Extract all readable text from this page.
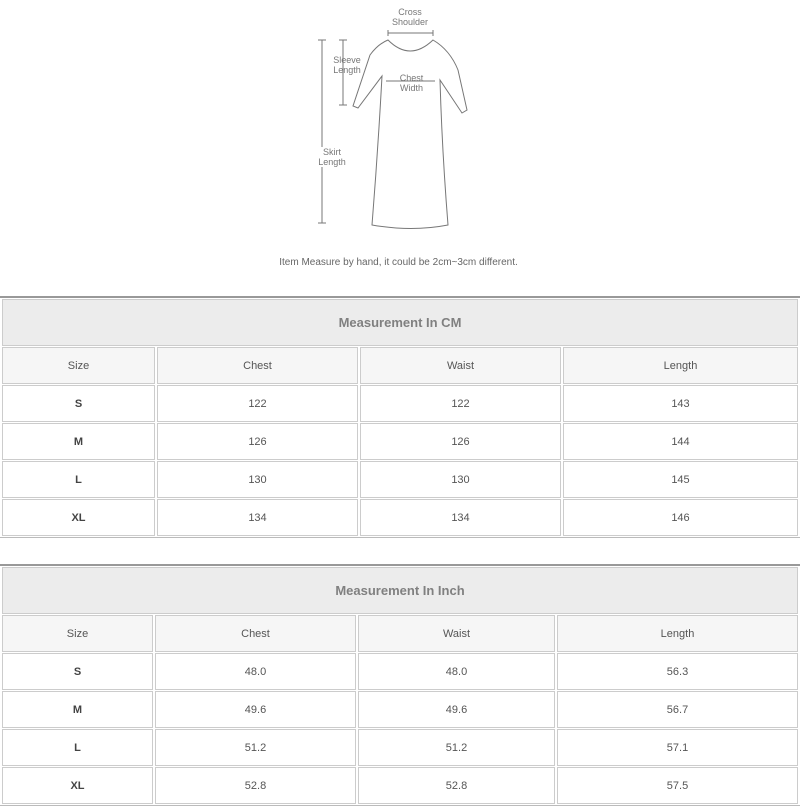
Cross Shoulder
Sleeve Length
Chest Width
Skirt Length
Item Measure by hand, it could be 2cm~3cm different.
Measurement In CM			
Size	Chest	Waist	Length
S	122	122	143
M	126	126	144
L	130	130	145
XL	134	134	146
Measurement In Inch			
Size	Chest	Waist	Length
S	48.0	48.0	56.3
M	49.6	49.6	56.7
L	51.2	51.2	57.1
XL	52.8	52.8	57.5
